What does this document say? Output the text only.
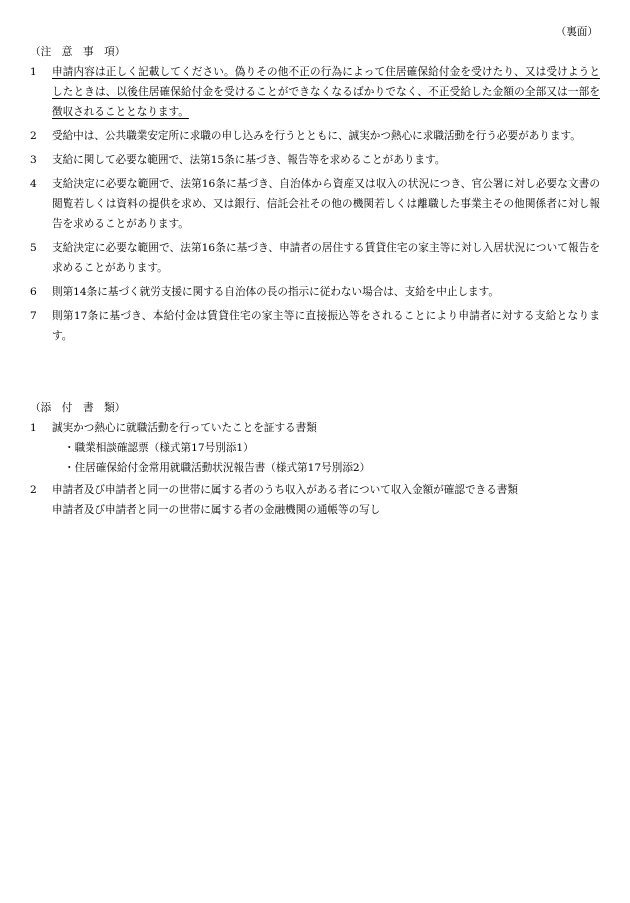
（裏面）
（注　意　事　項）
1	申請内容は正しく記載してください。偽りその他不正の行為によって住居確保給付金を受けたり、又は受けようとしたときは、以後住居確保給付金を受けることができなくなるばかりでなく、不正受給した金額の全部又は一部を徴収されることとなります。
2	受給中は、公共職業安定所に求職の申し込みを行うとともに、誠実かつ熱心に求職活動を行う必要があります。
3	支給に関して必要な範囲で、法第15条に基づき、報告等を求めることがあります。
4	支給決定に必要な範囲で、法第16条に基づき、自治体から資産又は収入の状況につき、官公署に対し必要な文書の閲覧若しくは資料の提供を求め、又は銀行、信託会社その他の機関若しくは離職した事業主その他関係者に対し報告を求めることがあります。
5	支給決定に必要な範囲で、法第16条に基づき、申請者の居住する賃貸住宅の家主等に対し入居状況について報告を求めることがあります。
6	則第14条に基づく就労支援に関する自治体の長の指示に従わない場合は、支給を中止します。
7	則第17条に基づき、本給付金は賃貸住宅の家主等に直接振込等をされることにより申請者に対する支給となります。
（添　付　書　類）
1	誠実かつ熱心に就職活動を行っていたことを証する書類
・職業相談確認票（様式第17号別添1）
・住居確保給付金常用就職活動状況報告書（様式第17号別添2）
2	申請者及び申請者と同一の世帯に属する者のうち収入がある者について収入金額が確認できる書類
申請者及び申請者と同一の世帯に属する者の金融機関の通帳等の写し
